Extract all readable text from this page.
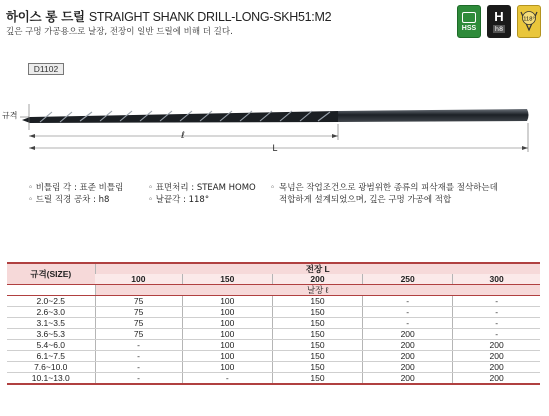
하이스 롱 드릴 STRAIGHT SHANK DRILL-LONG-SKH51:M2
깊은 구멍 가공용으로 날장, 전장이 일반 드릴에 비해 더 길다.	HSS
H
h8
118°
D1102
규격
ℓ
L
◦ 비틀림 각 : 표준 비틀림
◦ 드릴 직경 공차 : h8
◦ 표면처리 : STEAM HOMO
◦ 날끝각 : 118°
◦ 목넘은 작업조건으로 광범위한 종류의 피삭재를 절삭하는데
적합하게 설계되었으며, 깊은 구멍 가공에 적합
규격(SIZE)	전장 L				
	100	150	200	250	300
	날장 ℓ				
2.0~2.5	75	100	150	-	-
2.6~3.0	75	100	150	-	-
3.1~3.5	75	100	150	-	-
3.6~5.3	75	100	150	200	-
5.4~6.0	-	100	150	200	200
6.1~7.5	-	100	150	200	200
7.6~10.0	-	100	150	200	200
10.1~13.0	-	-	150	200	200
